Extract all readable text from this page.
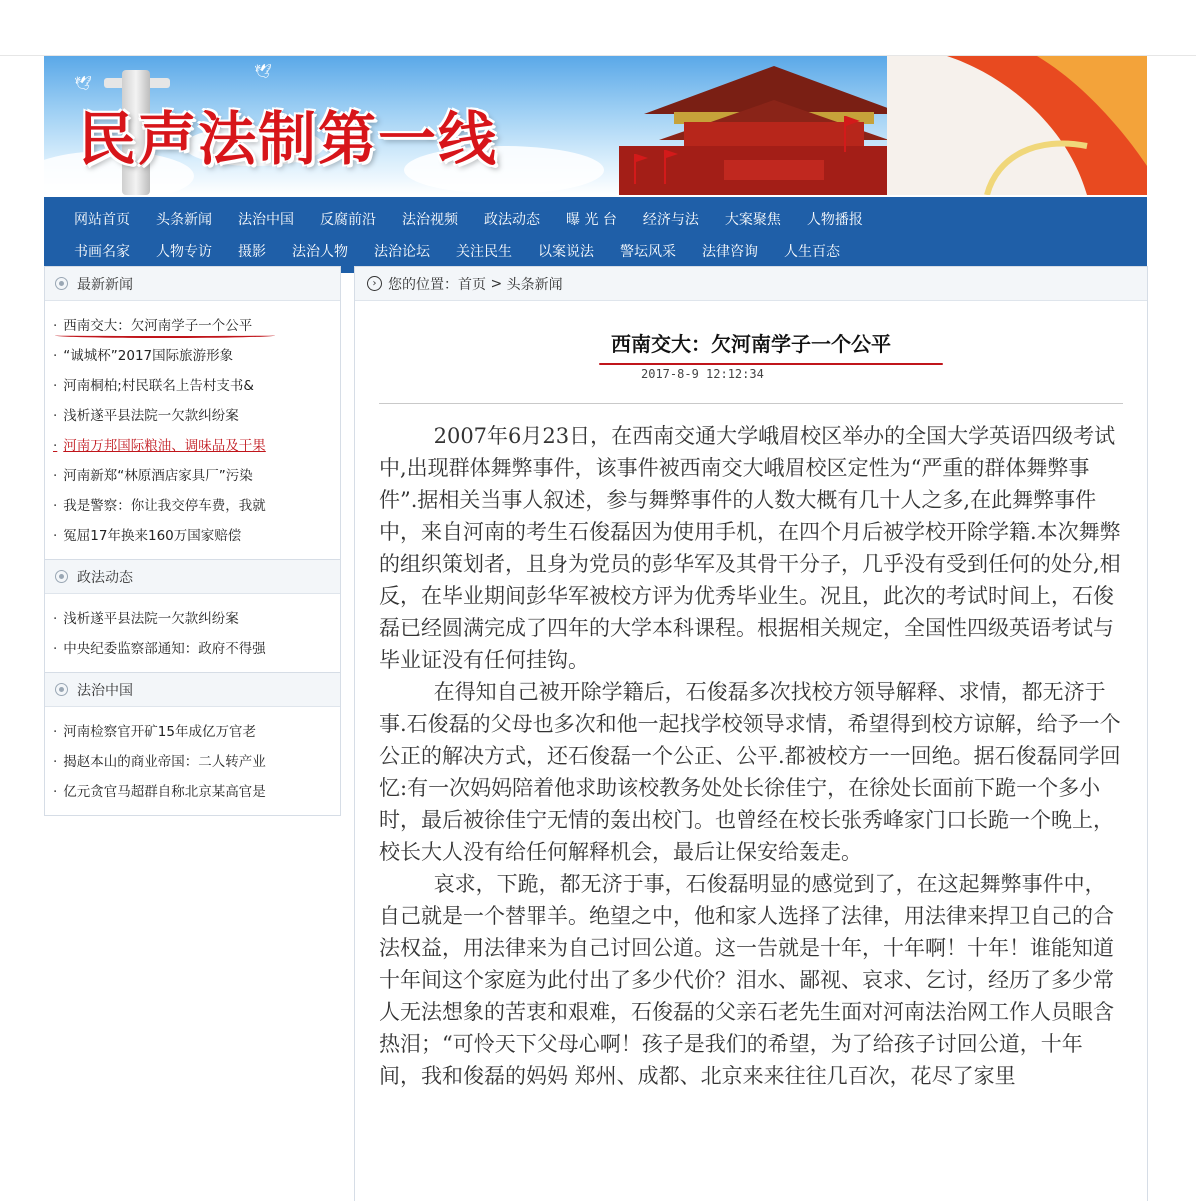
🕊
🕊
民声法制第一线
网站首页 头条新闻 法治中国 反腐前沿 法治视频 政法动态 曝 光 台 经济与法 大案聚焦 人物播报
书画名家 人物专访 摄影 法治人物 法治论坛 关注民生 以案说法 警坛风采 法律咨询 人生百态
最新新闻
· 西南交大：欠河南学子一个公平
· “诚城杯”2017国际旅游形象
· 河南桐柏;村民联名上告村支书&
· 浅析遂平县法院一欠款纠纷案
· 河南万邦国际粮油、调味品及干果
· 河南新郑“林原酒店家具厂”污染
· 我是警察：你让我交停车费，我就
· 冤屈17年换来160万国家赔偿
政法动态
· 浅析遂平县法院一欠款纠纷案
· 中央纪委监察部通知：政府不得强
法治中国
· 河南检察官开矿15年成亿万官老
· 揭赵本山的商业帝国：二人转产业
· 亿元贪官马超群自称北京某高官是
› 您的位置： 首页 > 头条新闻
西南交大：欠河南学子一个公平
2017-8-9 12:12:34

2007年6月23日，在西南交通大学峨眉校区举办的全国大学英语四级考试中,出现群体舞弊事件，该事件被西南交大峨眉校区定性为“严重的群体舞弊事件”.据相关当事人叙述，参与舞弊事件的人数大概有几十人之多,在此舞弊事件中，来自河南的考生石俊磊因为使用手机，在四个月后被学校开除学籍.本次舞弊的组织策划者，且身为党员的彭华军及其骨干分子，几乎没有受到任何的处分,相反，在毕业期间彭华军被校方评为优秀毕业生。况且，此次的考试时间上，石俊磊已经圆满完成了四年的大学本科课程。根据相关规定，全国性四级英语考试与毕业证没有任何挂钩。

在得知自己被开除学籍后，石俊磊多次找校方领导解释、求情，都无济于事.石俊磊的父母也多次和他一起找学校领导求情，希望得到校方谅解，给予一个公正的解决方式，还石俊磊一个公正、公平.都被校方一一回绝。据石俊磊同学回忆:有一次妈妈陪着他求助该校教务处处长徐佳宁，在徐处长面前下跪一个多小时，最后被徐佳宁无情的轰出校门。也曾经在校长张秀峰家门口长跪一个晚上，校长大人没有给任何解释机会，最后让保安给轰走。

哀求，下跪，都无济于事，石俊磊明显的感觉到了，在这起舞弊事件中，自己就是一个替罪羊。绝望之中，他和家人选择了法律，用法律来捍卫自己的合法权益，用法律来为自己讨回公道。这一告就是十年，十年啊！十年！谁能知道十年间这个家庭为此付出了多少代价？泪水、鄙视、哀求、乞讨，经历了多少常人无法想象的苦衷和艰难，石俊磊的父亲石老先生面对河南法治网工作人员眼含热泪；“可怜天下父母心啊！孩子是我们的希望，为了给孩子讨回公道，十年间，我和俊磊的妈妈 郑州、成都、北京来来往往几百次，花尽了家里
